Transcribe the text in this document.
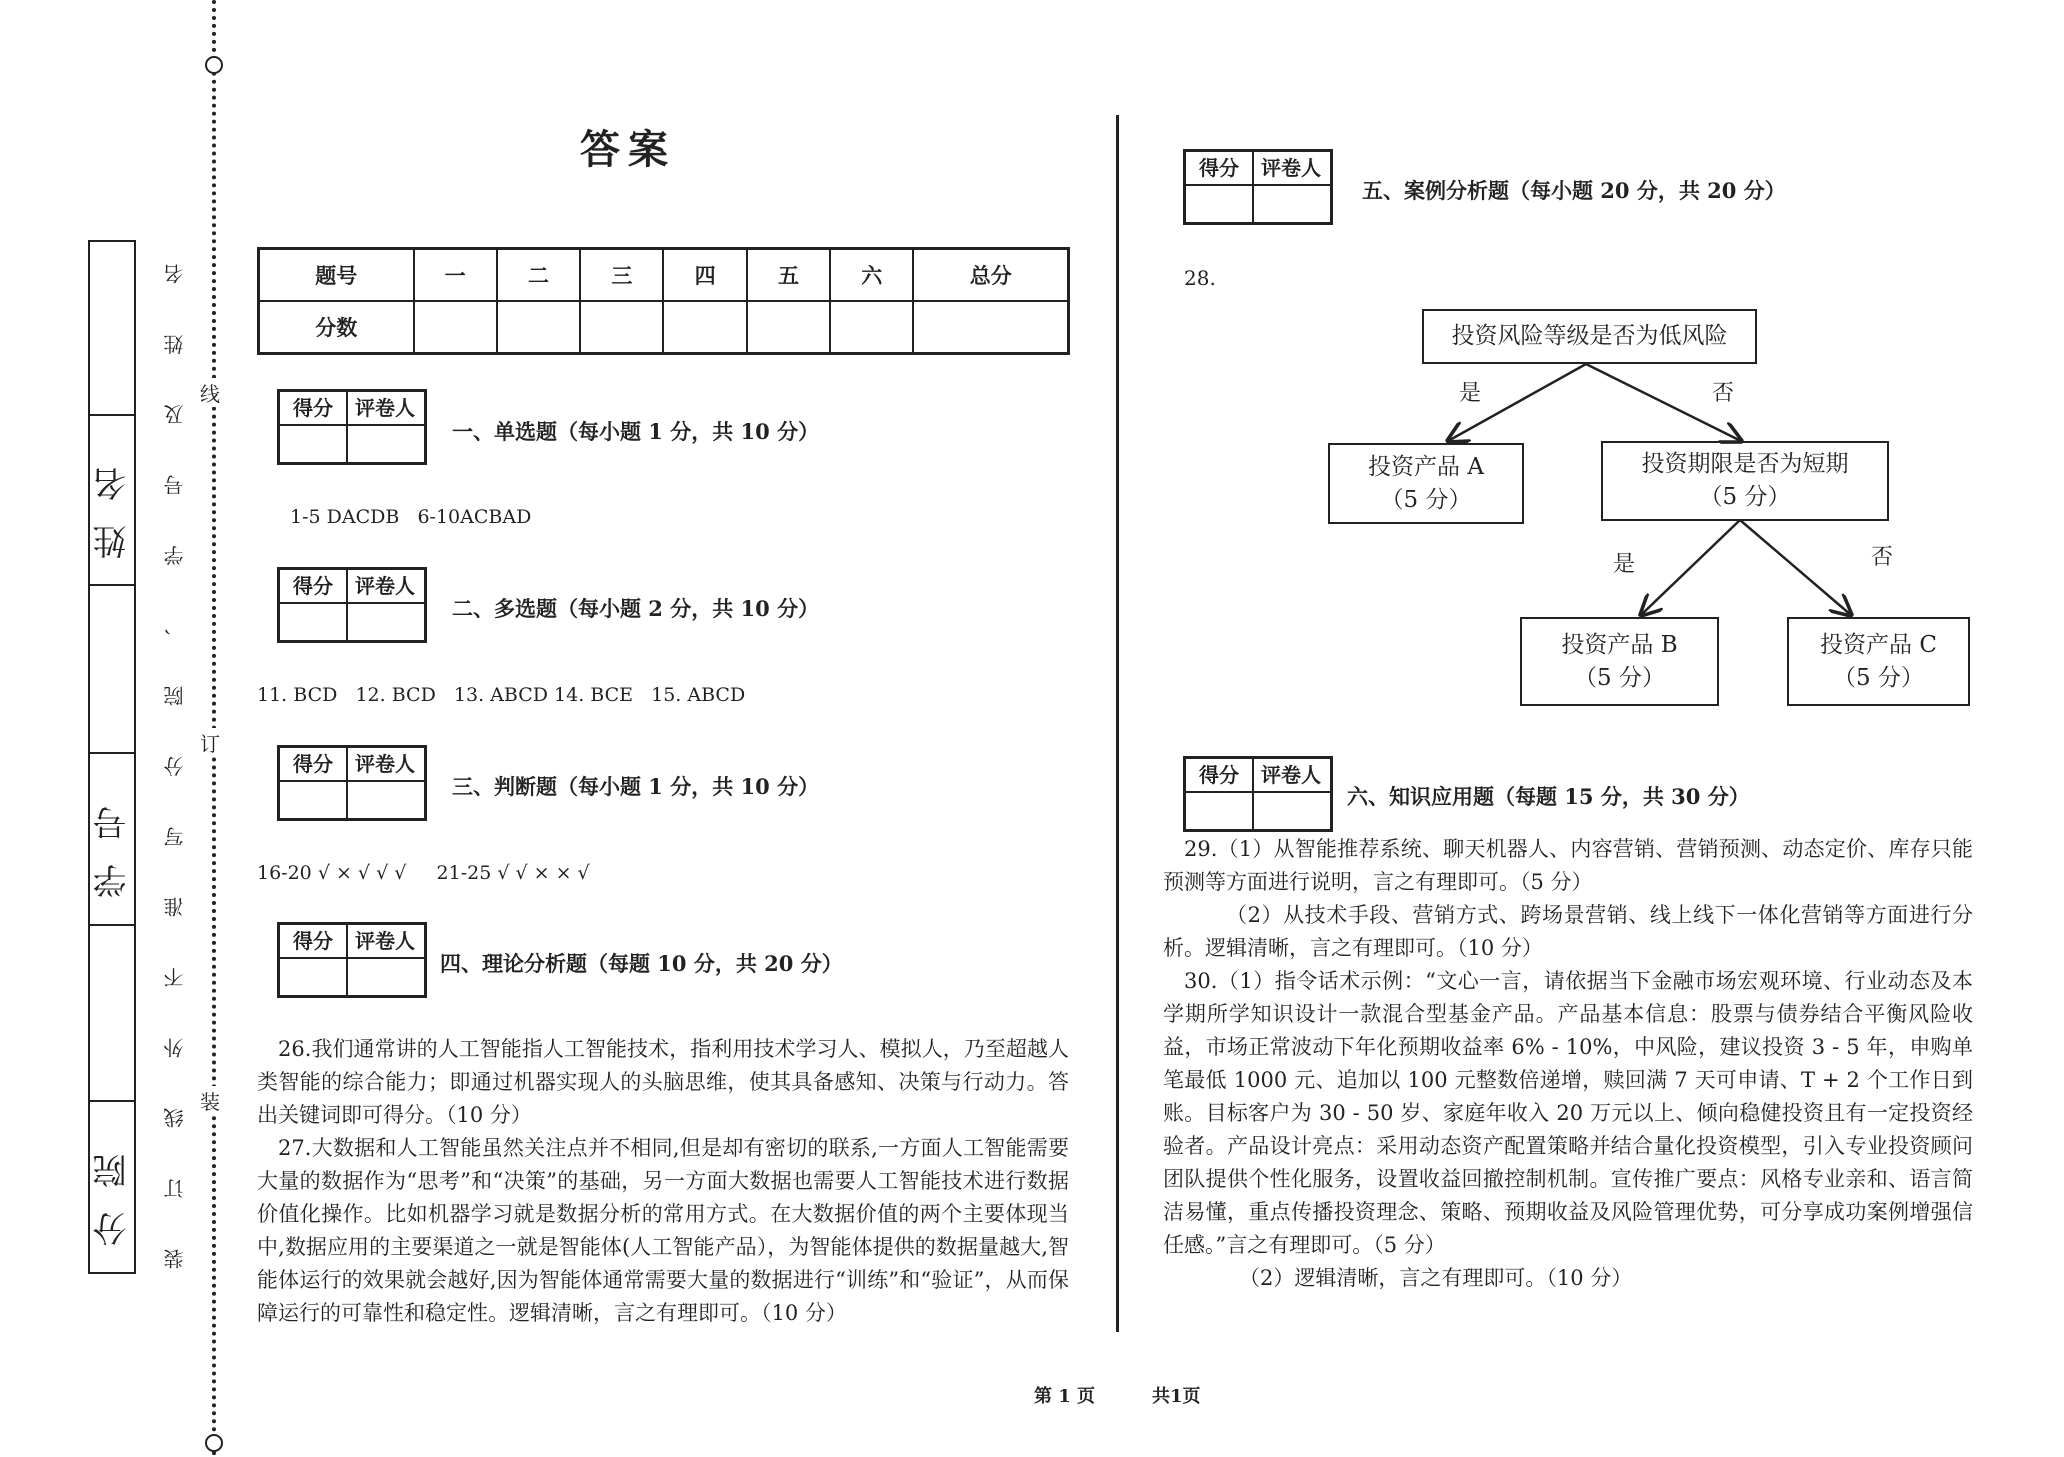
线
订
装
装 订 线 外 不 准 写 分 院 、 学 号 及 姓 名
姓名
学号
分院
答案
题号	一	二	三	四	五	六	总分
分数							
得分	评卷人
一、单选题（每小题 1 分，共 10 分）
1-5 DACDB   6-10ACBAD
得分	评卷人
二、多选题（每小题 2 分，共 10 分）
11. BCD   12. BCD   13. ABCD 14. BCE   15. ABCD
得分	评卷人
三、判断题（每小题 1 分，共 10 分）
16-20 √ × √ √ √     21-25 √ √ × × √
得分	评卷人
四、理论分析题（每题 10 分，共 20 分）

26.我们通常讲的人工智能指人工智能技术，指利用技术学习人、模拟人，乃至超越人类智能的综合能力；即通过机器实现人的头脑思维，使其具备感知、决策与行动力。答出关键词即可得分。（10 分）

27.大数据和人工智能虽然关注点并不相同,但是却有密切的联系,一方面人工智能需要大量的数据作为“思考”和“决策”的基础，另一方面大数据也需要人工智能技术进行数据价值化操作。比如机器学习就是数据分析的常用方式。在大数据价值的两个主要体现当中,数据应用的主要渠道之一就是智能体(人工智能产品），为智能体提供的数据量越大,智能体运行的效果就会越好,因为智能体通常需要大量的数据进行“训练”和“验证”，从而保障运行的可靠性和稳定性。逻辑清晰，言之有理即可。（10 分）

得分	评卷人
五、案例分析题（每小题 20 分，共 20 分）
28.
投资风险等级是否为低风险
是	否
投资产品 A
（5 分）
投资期限是否为短期
（5 分）
是	否
投资产品 B
（5 分）
投资产品 C
（5 分）
得分	评卷人
六、知识应用题（每题 15 分，共 30 分）

29.（1）从智能推荐系统、聊天机器人、内容营销、营销预测、动态定价、库存只能预测等方面进行说明，言之有理即可。（5 分）

（2）从技术手段、营销方式、跨场景营销、线上线下一体化营销等方面进行分析。逻辑清晰，言之有理即可。（10 分）

30.（1）指令话术示例：“文心一言，请依据当下金融市场宏观环境、行业动态及本学期所学知识设计一款混合型基金产品。产品基本信息：股票与债券结合平衡风险收益，市场正常波动下年化预期收益率 6% - 10%，中风险，建议投资 3 - 5 年，申购单笔最低 1000 元、追加以 100 元整数倍递增，赎回满 7 天可申请、T + 2 个工作日到账。目标客户为 30 - 50 岁、家庭年收入 20 万元以上、倾向稳健投资且有一定投资经验者。产品设计亮点：采用动态资产配置策略并结合量化投资模型，引入专业投资顾问团队提供个性化服务，设置收益回撤控制机制。宣传推广要点：风格专业亲和、语言简洁易懂，重点传播投资理念、策略、预期收益及风险管理优势，可分享成功案例增强信任感。”言之有理即可。（5 分）

（2）逻辑清晰，言之有理即可。（10 分）

第 1 页	共1页
